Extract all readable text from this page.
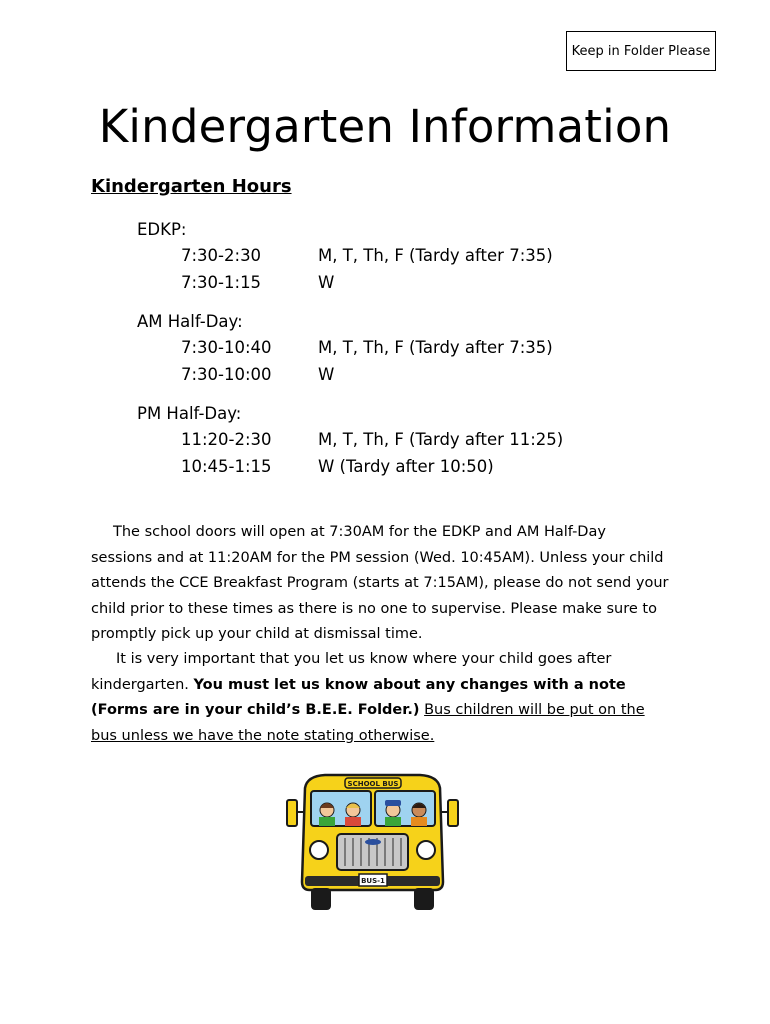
Keep in Folder Please
Kindergarten Information
Kindergarten Hours
EDKP:
7:30-2:30	M, T, Th, F (Tardy after 7:35)
7:30-1:15	W
AM Half-Day:
7:30-10:40	M, T, Th, F (Tardy after 7:35)
7:30-10:00	W
PM Half-Day:
11:20-2:30	M, T, Th, F (Tardy after 11:25)
10:45-1:15	W (Tardy after 10:50)

The school doors will open at 7:30AM for the EDKP and AM Half-Day sessions and at 11:20AM for the PM session (Wed. 10:45AM). Unless your child attends the CCE Breakfast Program (starts at 7:15AM), please do not send your child prior to these times as there is no one to supervise. Please make sure to promptly pick up your child at dismissal time.

It is very important that you let us know where your child goes after kindergarten. You must let us know about any changes with a note (Forms are in your child’s B.E.E. Folder.) Bus children will be put on the bus unless we have the note stating otherwise.

SCHOOL BUS
BUS-1
